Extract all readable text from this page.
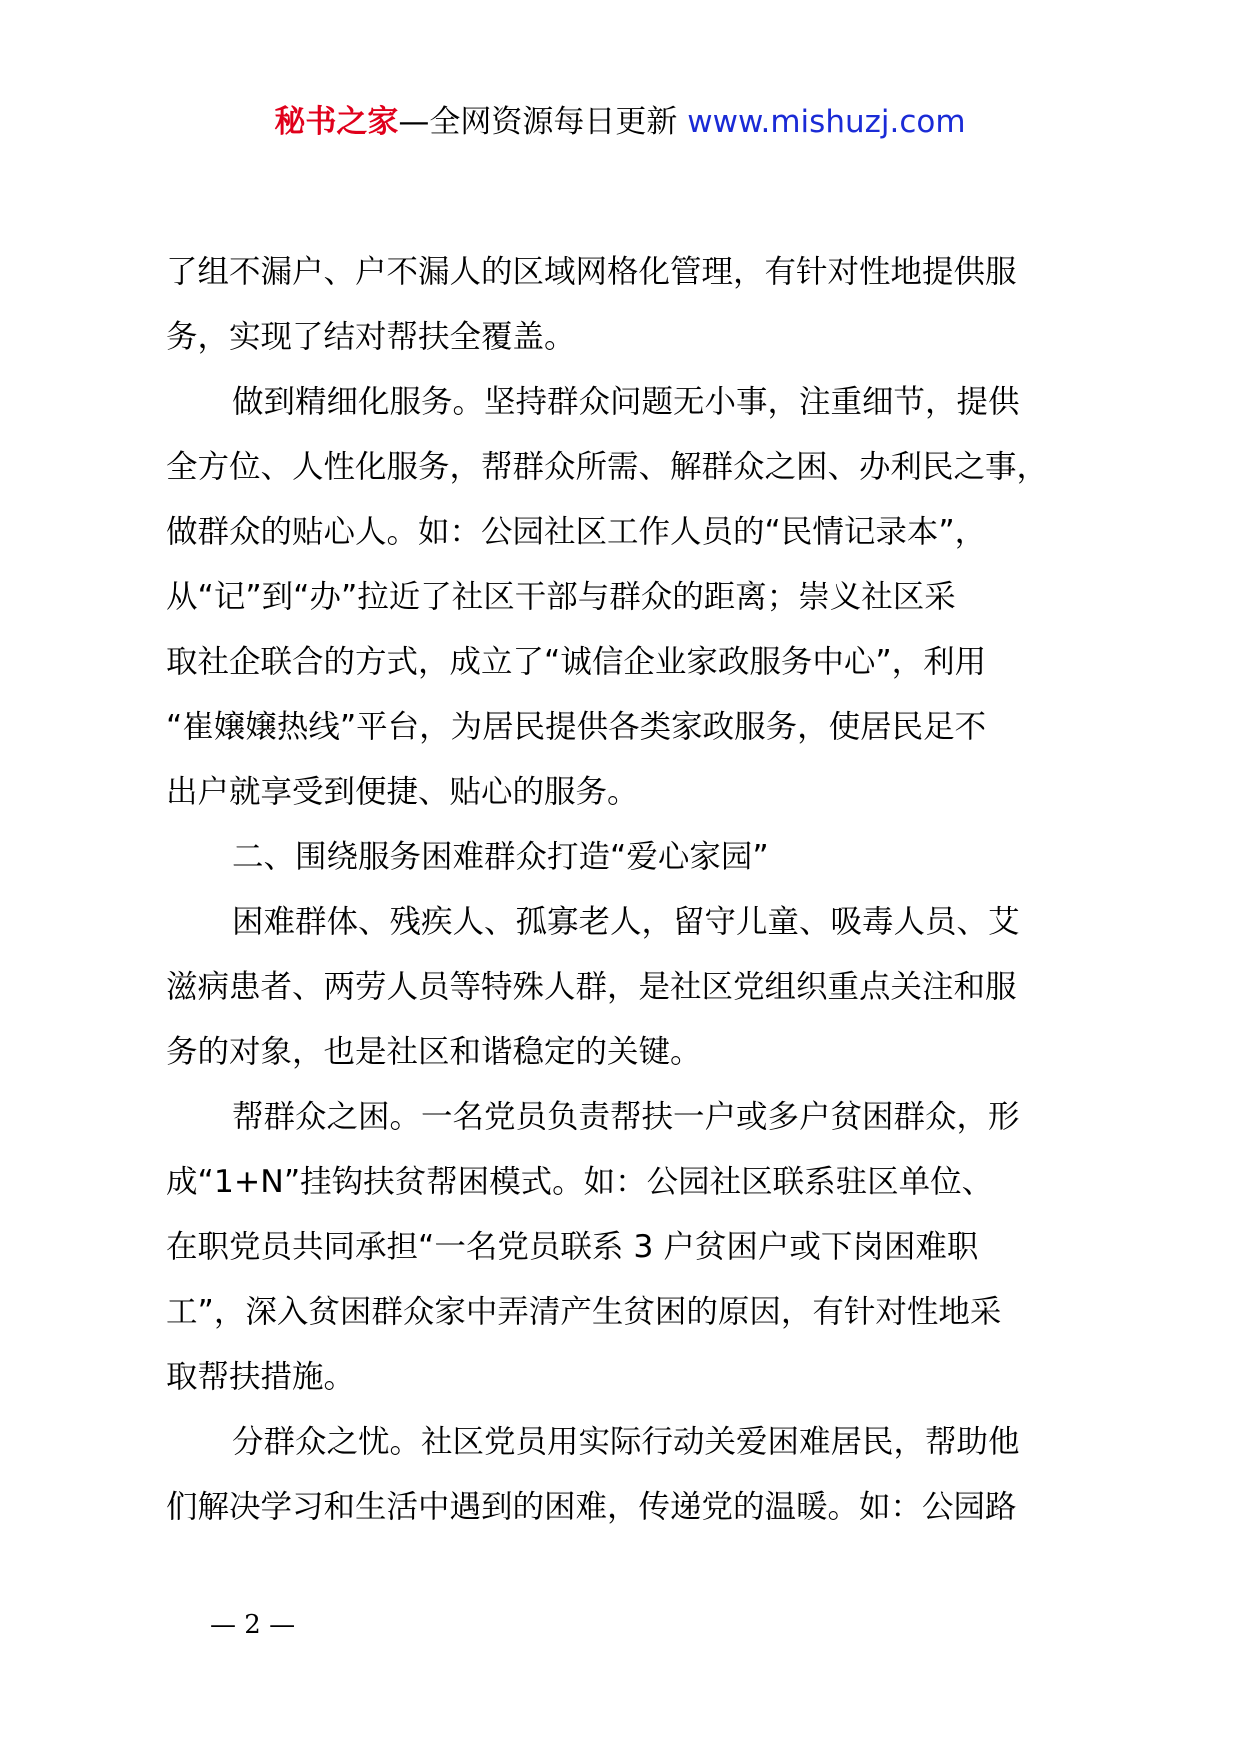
秘书之家—全网资源每日更新 www.mishuzj.com
了组不漏户、户不漏人的区域网格化管理，有针对性地提供服
务，实现了结对帮扶全覆盖。
做到精细化服务。坚持群众问题无小事，注重细节，提供
全方位、人性化服务，帮群众所需、解群众之困、办利民之事，
做群众的贴心人。如：公园社区工作人员的“民情记录本”，
从“记”到“办”拉近了社区干部与群众的距离；崇义社区采
取社企联合的方式，成立了“诚信企业家政服务中心”，利用
“崔嬢嬢热线”平台，为居民提供各类家政服务，使居民足不
出户就享受到便捷、贴心的服务。
二、围绕服务困难群众打造“爱心家园”
困难群体、残疾人、孤寡老人，留守儿童、吸毒人员、艾
滋病患者、两劳人员等特殊人群，是社区党组织重点关注和服
务的对象，也是社区和谐稳定的关键。
帮群众之困。一名党员负责帮扶一户或多户贫困群众，形
成“1+N”挂钩扶贫帮困模式。如：公园社区联系驻区单位、
在职党员共同承担“一名党员联系 3 户贫困户或下岗困难职
工”，深入贫困群众家中弄清产生贫困的原因，有针对性地采
取帮扶措施。
分群众之忧。社区党员用实际行动关爱困难居民，帮助他
们解决学习和生活中遇到的困难，传递党的温暖。如：公园路
— 2 —
